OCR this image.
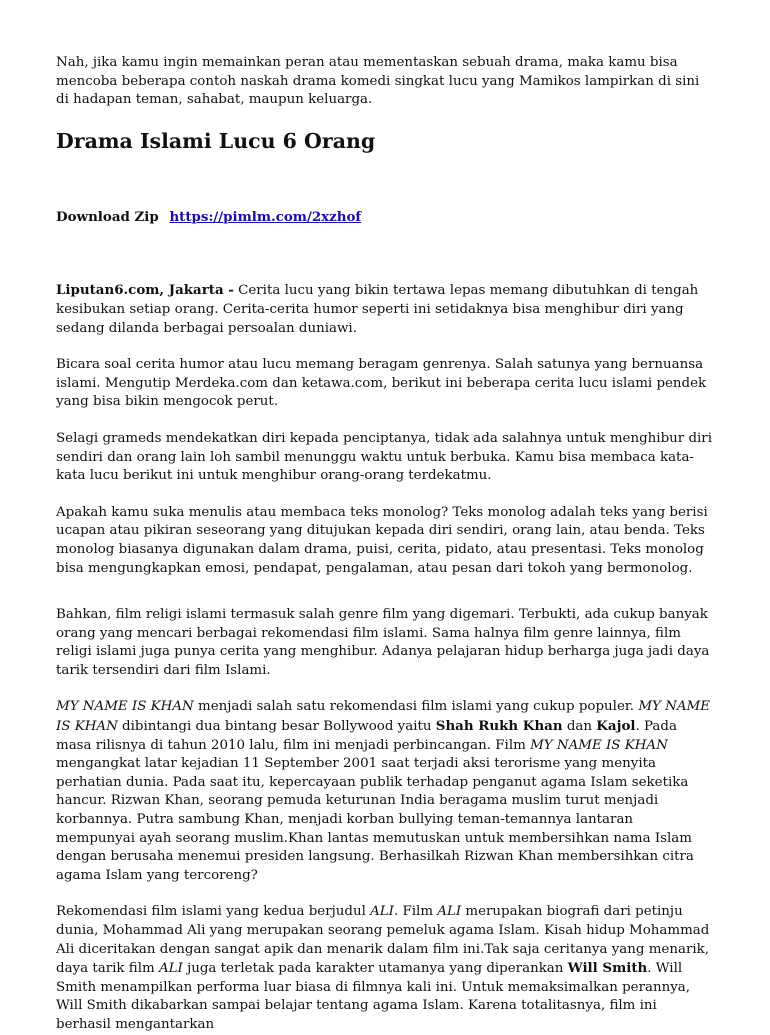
Nah, jika kamu ingin memainkan peran atau mementaskan sebuah drama, maka kamu bisa mencoba beberapa contoh naskah drama komedi singkat lucu yang Mamikos lampirkan di sini di hadapan teman, sahabat, maupun keluarga.

Drama Islami Lucu 6 Orang
Download Zip https://pimlm.com/2xzhof

Liputan6.com, Jakarta - Cerita lucu yang bikin tertawa lepas memang dibutuhkan di tengah kesibukan setiap orang. Cerita-cerita humor seperti ini setidaknya bisa menghibur diri yang sedang dilanda berbagai persoalan duniawi.

Bicara soal cerita humor atau lucu memang beragam genrenya. Salah satunya yang bernuansa islami. Mengutip Merdeka.com dan ketawa.com, berikut ini beberapa cerita lucu islami pendek yang bisa bikin mengocok perut.

Selagi grameds mendekatkan diri kepada penciptanya, tidak ada salahnya untuk menghibur diri sendiri dan orang lain loh sambil menunggu waktu untuk berbuka. Kamu bisa membaca kata-kata lucu berikut ini untuk menghibur orang-orang terdekatmu.

Apakah kamu suka menulis atau membaca teks monolog? Teks monolog adalah teks yang berisi ucapan atau pikiran seseorang yang ditujukan kepada diri sendiri, orang lain, atau benda. Teks monolog biasanya digunakan dalam drama, puisi, cerita, pidato, atau presentasi. Teks monolog bisa mengungkapkan emosi, pendapat, pengalaman, atau pesan dari tokoh yang bermonolog.

Bahkan, film religi islami termasuk salah genre film yang digemari. Terbukti, ada cukup banyak orang yang mencari berbagai rekomendasi film islami. Sama halnya film genre lainnya, film religi islami juga punya cerita yang menghibur. Adanya pelajaran hidup berharga juga jadi daya tarik tersendiri dari film Islami.

MY NAME IS KHAN menjadi salah satu rekomendasi film islami yang cukup populer. MY NAME IS KHAN dibintangi dua bintang besar Bollywood yaitu Shah Rukh Khan dan Kajol. Pada masa rilisnya di tahun 2010 lalu, film ini menjadi perbincangan. Film MY NAME IS KHAN mengangkat latar kejadian 11 September 2001 saat terjadi aksi terorisme yang menyita perhatian dunia. Pada saat itu, kepercayaan publik terhadap penganut agama Islam seketika hancur. Rizwan Khan, seorang pemuda keturunan India beragama muslim turut menjadi korbannya. Putra sambung Khan, menjadi korban bullying teman-temannya lantaran mempunyai ayah seorang muslim.Khan lantas memutuskan untuk membersihkan nama Islam dengan berusaha menemui presiden langsung. Berhasilkah Rizwan Khan membersihkan citra agama Islam yang tercoreng?

Rekomendasi film islami yang kedua berjudul ALI. Film ALI merupakan biografi dari petinju dunia, Mohammad Ali yang merupakan seorang pemeluk agama Islam. Kisah hidup Mohammad Ali diceritakan dengan sangat apik dan menarik dalam film ini.Tak saja ceritanya yang menarik, daya tarik film ALI juga terletak pada karakter utamanya yang diperankan Will Smith. Will Smith menampilkan performa luar biasa di filmnya kali ini. Untuk memaksimalkan perannya, Will Smith dikabarkan sampai belajar tentang agama Islam. Karena totalitasnya, film ini berhasil mengantarkan
